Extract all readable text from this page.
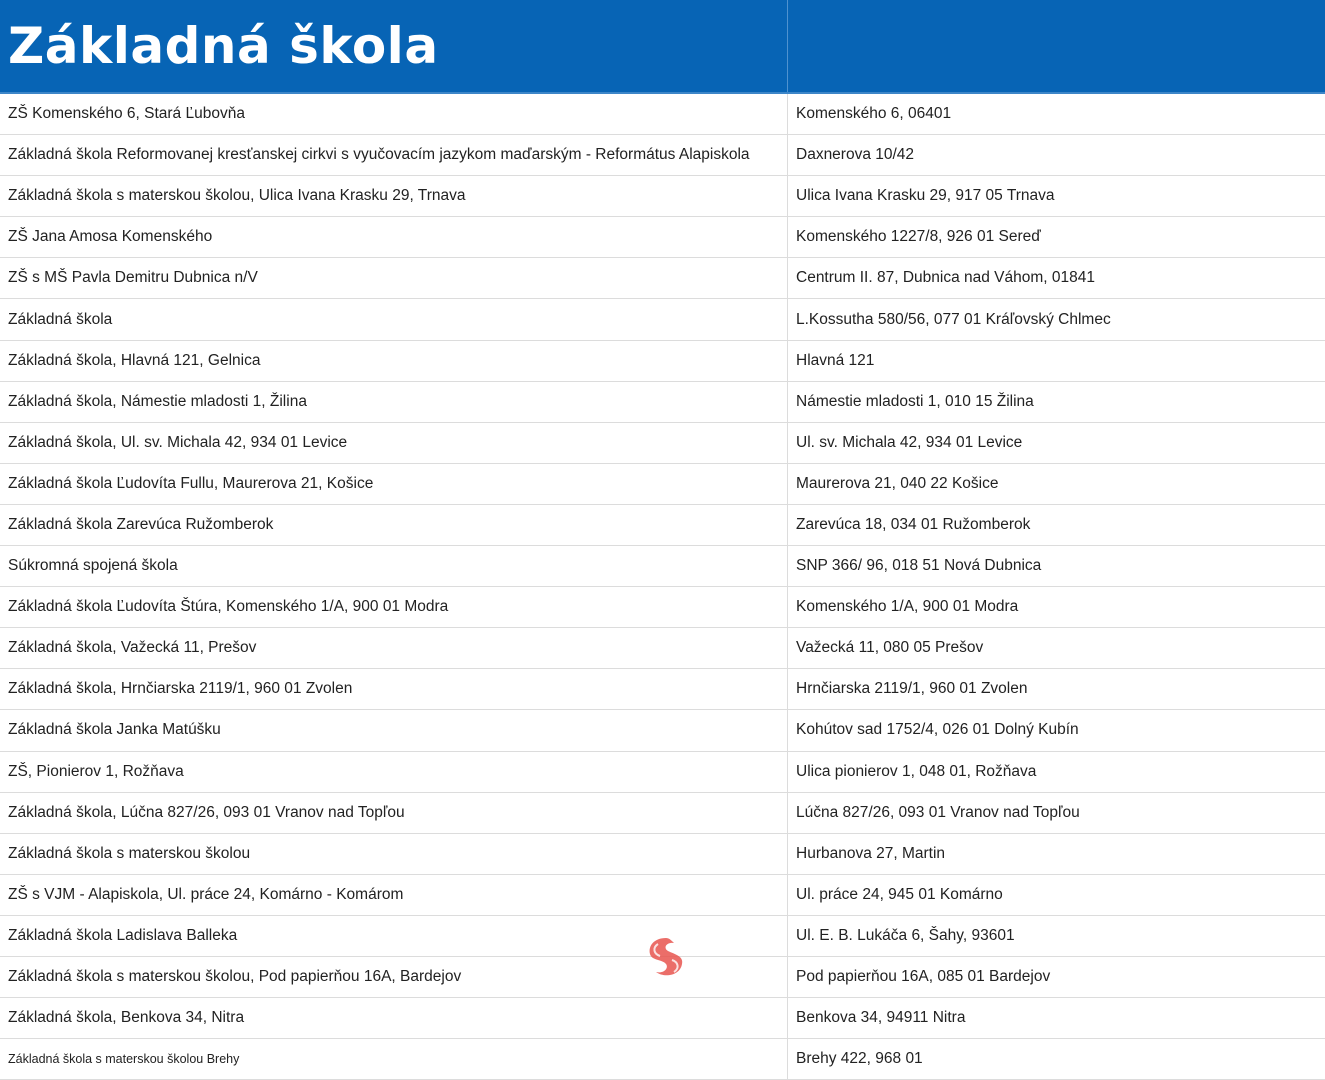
Základná škola
ZŠ Komenského 6, Stará Ľubovňa	Komenského 6, 06401
Základná škola Reformovanej kresťanskej cirkvi s vyučovacím jazykom maďarským - Református Alapiskola	Daxnerova 10/42
Základná škola s materskou školou, Ulica Ivana Krasku 29, Trnava	Ulica Ivana Krasku 29, 917 05 Trnava
ZŠ Jana Amosa Komenského	Komenského 1227/8, 926 01 Sereď
ZŠ s MŠ Pavla Demitru Dubnica n/V	Centrum II. 87, Dubnica nad Váhom, 01841
Základná škola	L.Kossutha 580/56, 077 01 Kráľovský Chlmec
Základná škola, Hlavná 121, Gelnica	Hlavná 121
Základná škola, Námestie mladosti 1, Žilina	Námestie mladosti 1, 010 15 Žilina
Základná škola, Ul. sv. Michala 42, 934 01 Levice	Ul. sv. Michala 42, 934 01 Levice
Základná škola Ľudovíta Fullu, Maurerova 21, Košice	Maurerova 21, 040 22 Košice
Základná škola Zarevúca Ružomberok	Zarevúca 18, 034 01 Ružomberok
Súkromná spojená škola	SNP 366/ 96, 018 51 Nová Dubnica
Základná škola Ľudovíta Štúra, Komenského 1/A, 900 01 Modra	Komenského 1/A, 900 01 Modra
Základná škola, Važecká 11, Prešov	Važecká 11, 080 05 Prešov
Základná škola, Hrnčiarska 2119/1, 960 01 Zvolen	Hrnčiarska 2119/1, 960 01 Zvolen
Základná škola Janka Matúšku	Kohútov sad 1752/4, 026 01 Dolný Kubín
ZŠ, Pionierov 1, Rožňava	Ulica pionierov 1, 048 01, Rožňava
Základná škola, Lúčna 827/26, 093 01 Vranov nad Topľou	Lúčna 827/26, 093 01 Vranov nad Topľou
Základná škola s materskou školou	Hurbanova 27, Martin
ZŠ s VJM - Alapiskola, Ul. práce 24, Komárno - Komárom	Ul. práce 24, 945 01 Komárno
Základná škola Ladislava Balleka	Ul. E. B. Lukáča 6, Šahy, 93601
Základná škola s materskou školou, Pod papierňou 16A, Bardejov	Pod papierňou 16A, 085 01 Bardejov
Základná škola, Benkova 34, Nitra	Benkova 34, 94911 Nitra
Základná škola s materskou školou Brehy	Brehy 422, 968 01
